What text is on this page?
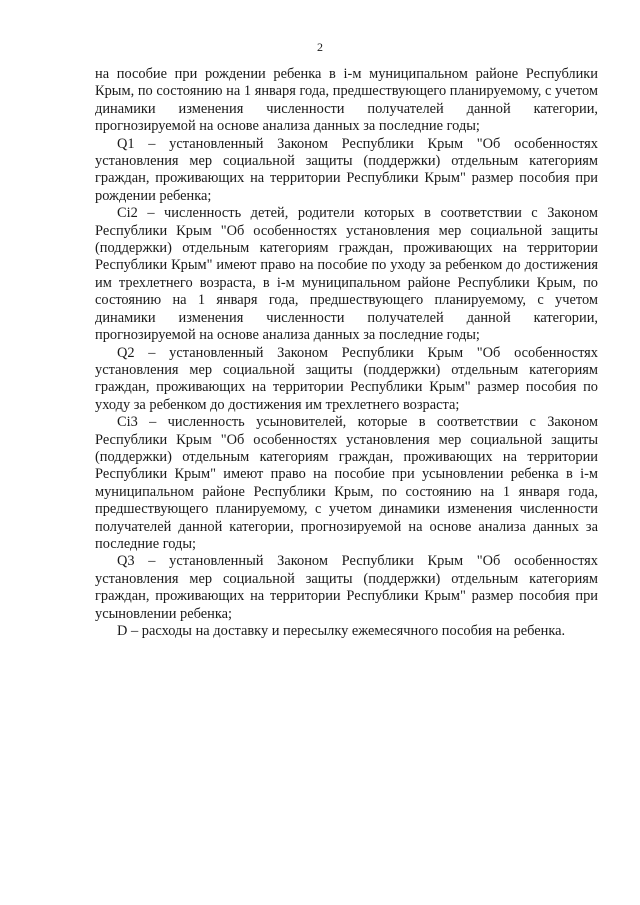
2

на пособие при рождении ребенка в i-м муниципальном районе Республики Крым, по состоянию на 1 января года, предшествующего планируемому, с учетом динамики изменения численности получателей данной категории, прогнозируемой на основе анализа данных за последние годы;

Q1 – установленный Законом Республики Крым "Об особенностях установления мер социальной защиты (поддержки) отдельным категориям граждан, проживающих на территории Республики Крым" размер пособия при рождении ребенка;

Ci2 – численность детей, родители которых в соответствии с Законом Республики Крым "Об особенностях установления мер социальной защиты (поддержки) отдельным категориям граждан, проживающих на территории Республики Крым" имеют право на пособие по уходу за ребенком до достижения им трехлетнего возраста, в i-м муниципальном районе Республики Крым, по состоянию на 1 января года, предшествующего планируемому, с учетом динамики изменения численности получателей данной категории, прогнозируемой на основе анализа данных за последние годы;

Q2 – установленный Законом Республики Крым "Об особенностях установления мер социальной защиты (поддержки) отдельным категориям граждан, проживающих на территории Республики Крым" размер пособия по уходу за ребенком до достижения им трехлетнего возраста;

Ci3 – численность усыновителей, которые в соответствии с Законом Республики Крым "Об особенностях установления мер социальной защиты (поддержки) отдельным категориям граждан, проживающих на территории Республики Крым" имеют право на пособие при усыновлении ребенка в i-м муниципальном районе Республики Крым, по состоянию на 1 января года, предшествующего планируемому, с учетом динамики изменения численности получателей данной категории, прогнозируемой на основе анализа данных за последние годы;

Q3 – установленный Законом Республики Крым "Об особенностях установления мер социальной защиты (поддержки) отдельным категориям граждан, проживающих на территории Республики Крым" размер пособия при усыновлении ребенка;

D – расходы на доставку и пересылку ежемесячного пособия на ребенка.
